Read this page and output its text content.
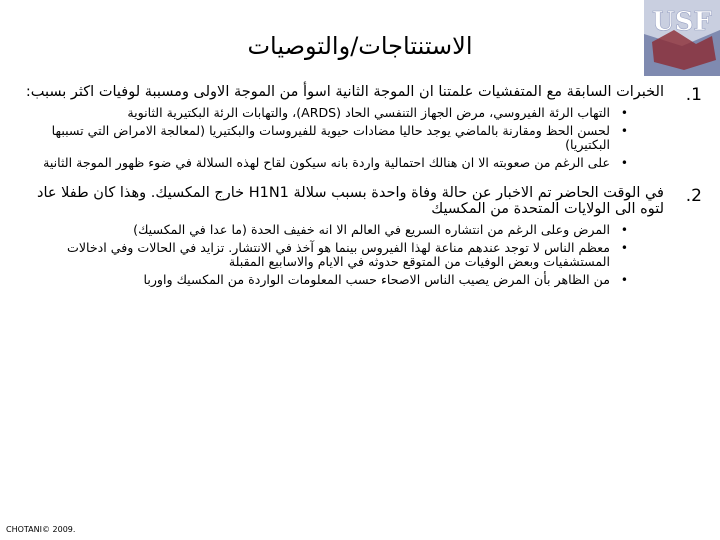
USF
الاستنتاجات/والتوصيات
1.
الخبرات السابقة مع المتفشيات علمتنا ان الموجة الثانية اسوأ من الموجة الاولى ومسببة لوفيات اكثر بسبب:
• التهاب الرئة الفيروسي، مرض الجهاز التنفسي الحاد (ARDS)، والتهابات الرئة البكتيرية الثانوية
• لحسن الحظ ومقارنة بالماضي يوجد حاليا مضادات حيوية للفيروسات والبكتيريا (لمعالجة الامراض التي تسببها البكتيريا)
• على الرغم من صعوبته الا ان هنالك احتمالية واردة بانه سيكون لقاح لهذه السلالة في ضوء ظهور الموجة الثانية
2.
في الوقت الحاضر تم الاخبار عن حالة وفاة واحدة بسبب سلالة H1N1 خارج المكسيك. وهذا كان طفلا عاد لتوه الى الولايات المتحدة من المكسيك
• المرض وعلى الرغم من انتشاره السريع في العالم الا انه خفيف الحدة (ما عدا في المكسيك)
• معظم الناس لا توجد عندهم مناعة لهذا الفيروس بينما هو آخذ في الانتشار. تزايد في الحالات وفي ادخالات المستشفيات وبعض الوفيات من المتوقع حدوثه في الايام والاسابيع المقبلة
• من الظاهر بأن المرض يصيب الناس الاصحاء حسب المعلومات الواردة من المكسيك واوربا
CHOTANI© 2009.
